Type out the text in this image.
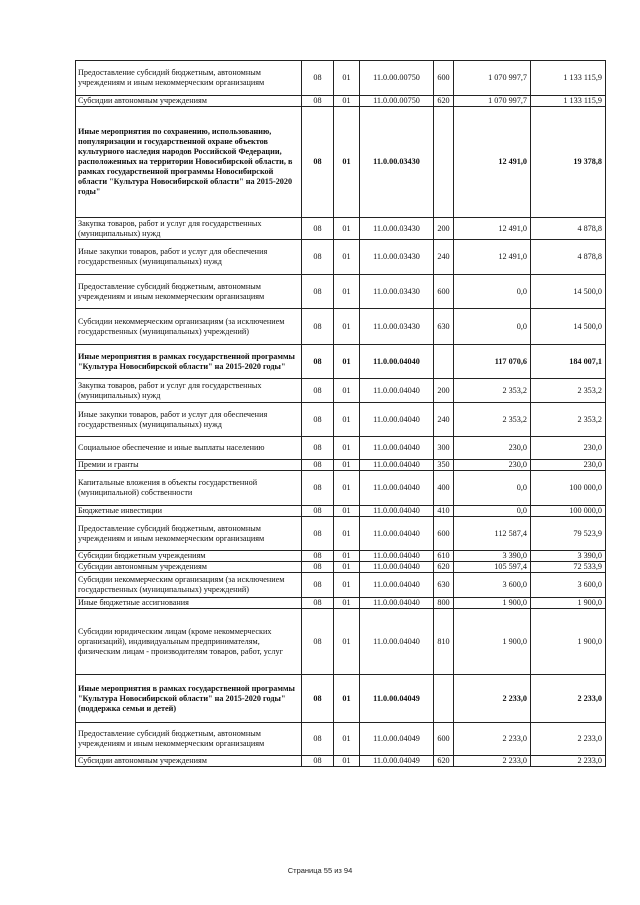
Предоставление субсидий бюджетным, автономным учреждениям и иным некоммерческим организациям	08	01	11.0.00.00750	600	1 070 997,7	1 133 115,9
Субсидии автономным учреждениям	08	01	11.0.00.00750	620	1 070 997,7	1 133 115,9
Иные мероприятия по сохранению, использованию, популяризации и государственной охране объектов культурного наследия народов Российской Федерации, расположенных на территории Новосибирской области, в рамках государственной программы Новосибирской области "Культура Новосибирской области" на 2015-2020 годы"	08	01	11.0.00.03430		12 491,0	19 378,8
Закупка товаров, работ и услуг для государственных (муниципальных) нужд	08	01	11.0.00.03430	200	12 491,0	4 878,8
Иные закупки товаров, работ и услуг для обеспечения государственных (муниципальных) нужд	08	01	11.0.00.03430	240	12 491,0	4 878,8
Предоставление субсидий бюджетным, автономным учреждениям и иным некоммерческим организациям	08	01	11.0.00.03430	600	0,0	14 500,0
Субсидии некоммерческим организациям (за исключением государственных (муниципальных) учреждений)	08	01	11.0.00.03430	630	0,0	14 500,0
Иные мероприятия в рамках государственной программы "Культура Новосибирской области" на 2015-2020 годы"	08	01	11.0.00.04040		117 070,6	184 007,1
Закупка товаров, работ и услуг для государственных (муниципальных) нужд	08	01	11.0.00.04040	200	2 353,2	2 353,2
Иные закупки товаров, работ и услуг для обеспечения государственных (муниципальных) нужд	08	01	11.0.00.04040	240	2 353,2	2 353,2
Социальное обеспечение и иные выплаты населению	08	01	11.0.00.04040	300	230,0	230,0
Премии и гранты	08	01	11.0.00.04040	350	230,0	230,0
Капитальные вложения в объекты государственной (муниципальной) собственности	08	01	11.0.00.04040	400	0,0	100 000,0
Бюджетные инвестиции	08	01	11.0.00.04040	410	0,0	100 000,0
Предоставление субсидий бюджетным, автономным учреждениям и иным некоммерческим организациям	08	01	11.0.00.04040	600	112 587,4	79 523,9
Субсидии бюджетным учреждениям	08	01	11.0.00.04040	610	3 390,0	3 390,0
Субсидии автономным учреждениям	08	01	11.0.00.04040	620	105 597,4	72 533,9
Субсидии некоммерческим организациям (за исключением государственных (муниципальных) учреждений)	08	01	11.0.00.04040	630	3 600,0	3 600,0
Иные бюджетные ассигнования	08	01	11.0.00.04040	800	1 900,0	1 900,0
Субсидии юридическим лицам (кроме некоммерческих организаций), индивидуальным предпринимателям, физическим лицам - производителям товаров, работ, услуг	08	01	11.0.00.04040	810	1 900,0	1 900,0
Иные мероприятия в рамках государственной программы "Культура Новосибирской области" на 2015-2020 годы"(поддержка семьи и детей)	08	01	11.0.00.04049		2 233,0	2 233,0
Предоставление субсидий бюджетным, автономным учреждениям и иным некоммерческим организациям	08	01	11.0.00.04049	600	2 233,0	2 233,0
Субсидии автономным учреждениям	08	01	11.0.00.04049	620	2 233,0	2 233,0
Страница 55 из 94
